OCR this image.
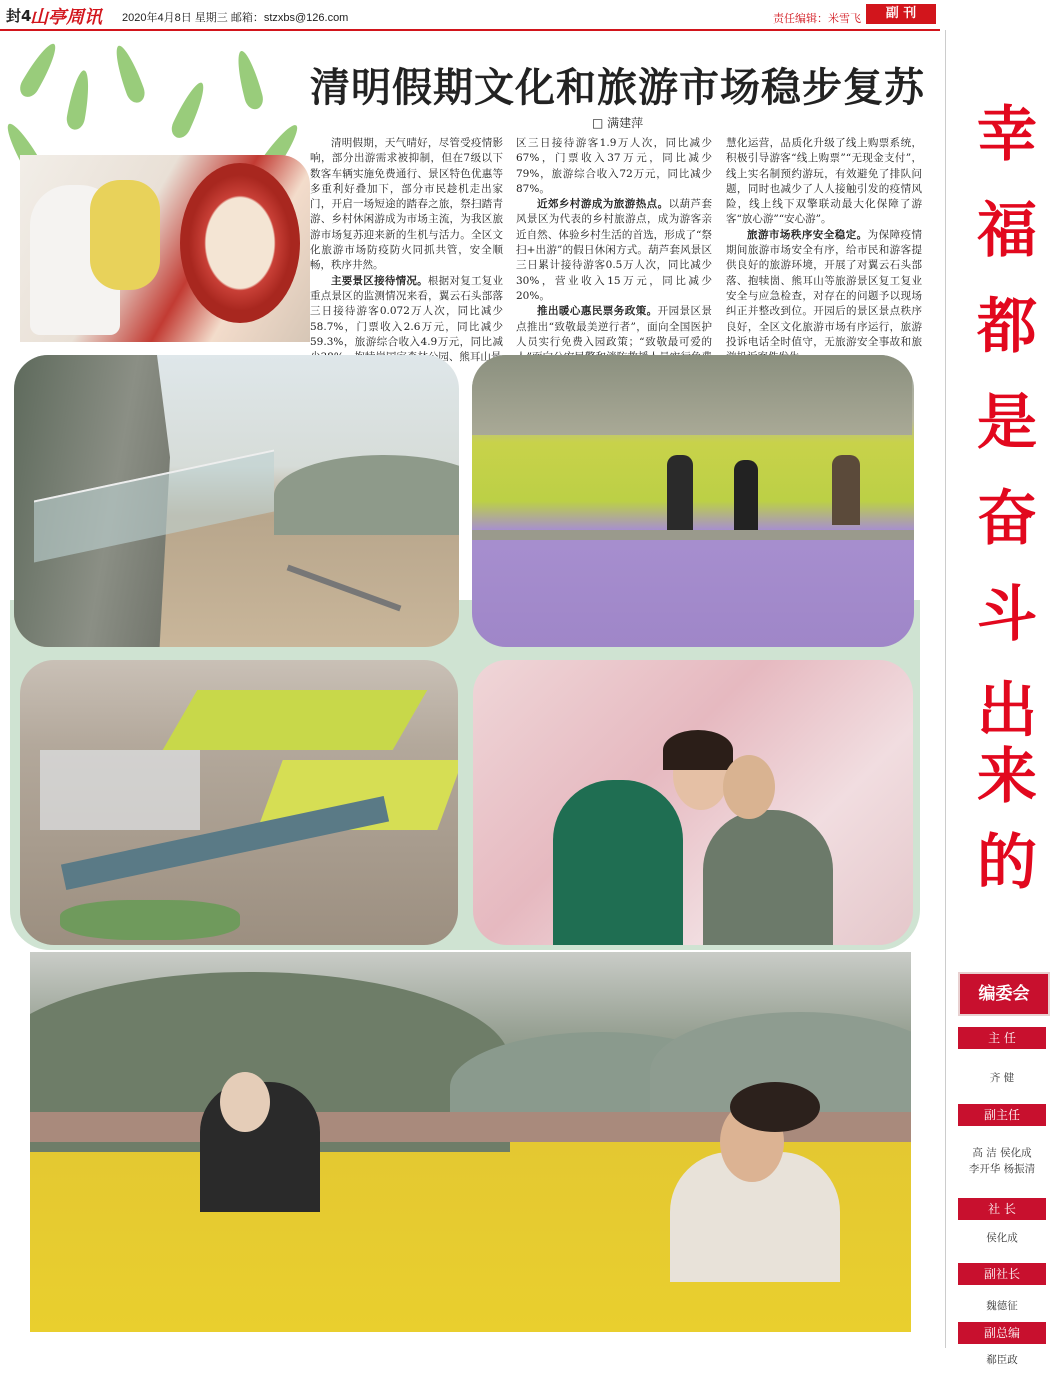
封4
山亭周讯 2020年4月8日 星期三 邮箱：stzxbs@126.com	责任编辑：米雪飞	副 刊
清明假期文化和旅游市场稳步复苏
□ 满建萍

清明假期，天气晴好，尽管受疫情影响，部分出游需求被抑制，但在7级以下数客车辆实施免费通行、景区特色优惠等多重利好叠加下，部分市民趁机走出家门，开启一场短途的踏春之旅，祭扫踏青游、乡村休闲游成为市场主流，为我区旅游市场复苏迎来新的生机与活力。全区文化旅游市场防疫防火同抓共管，安全顺畅，秩序井然。

主要景区接待情况。根据对复工复业重点景区的监测情况来看，翼云石头部落三日接待游客0.072万人次，同比减少58.7%，门票收入2.6万元，同比减少59.3%，旅游综合收入4.9万元，同比减 公园、熊耳山景

区三日接待游客1.9万人次，同比减少67%，门票收入37万元，同比减少79%，旅游综合收入72万元，同比减少87%。

近郊乡村游成为旅游热点。以葫芦套风景区为代表的乡村旅游点，成为游客亲近自然、体验乡村生活的首选，形成了“祭扫+出游”的假日休闲方式。葫芦套风景区三日累计接待游客0.5万人次，同比减少30%，营业收入15万元，同比减少20%。

推出暖心惠民票务政策。开园景区景点推出“致敬最美逆行者”，面向全国医护人员实行免费入园政策；“致敬最可爱的

慧化运营，品质化升级了线上购票系统，积极引导游客“线上购票”“无现金支付”，线上实名制预约游玩，有效避免了排队问题，同时也减少了人人接触引发的疫情风险，线上线下双擎联动最大化保障了游客“放心游”“安心游”。

旅游市场秩序安全稳定。为保障疫情期间旅游市场安全有序，给市民和游客提供良好的旅游环境，开展了对翼云石头部落、抱犊崮、熊耳山等旅游景区复工复业安全与应急检查，对存在的问题予以现场纠正并整改到位。开园后的景区景点秩序良好，全区文化旅游市场有序运行，旅游投诉电话全时值守，无旅游安全事故和旅

幸
福
都
是
奋
斗
出
来
的
编委会
主 任
齐 健
副主任
高 洁 侯化成
李开华 杨振清
社 长
侯化成
副社长
魏德征
副总编
郗臣政
